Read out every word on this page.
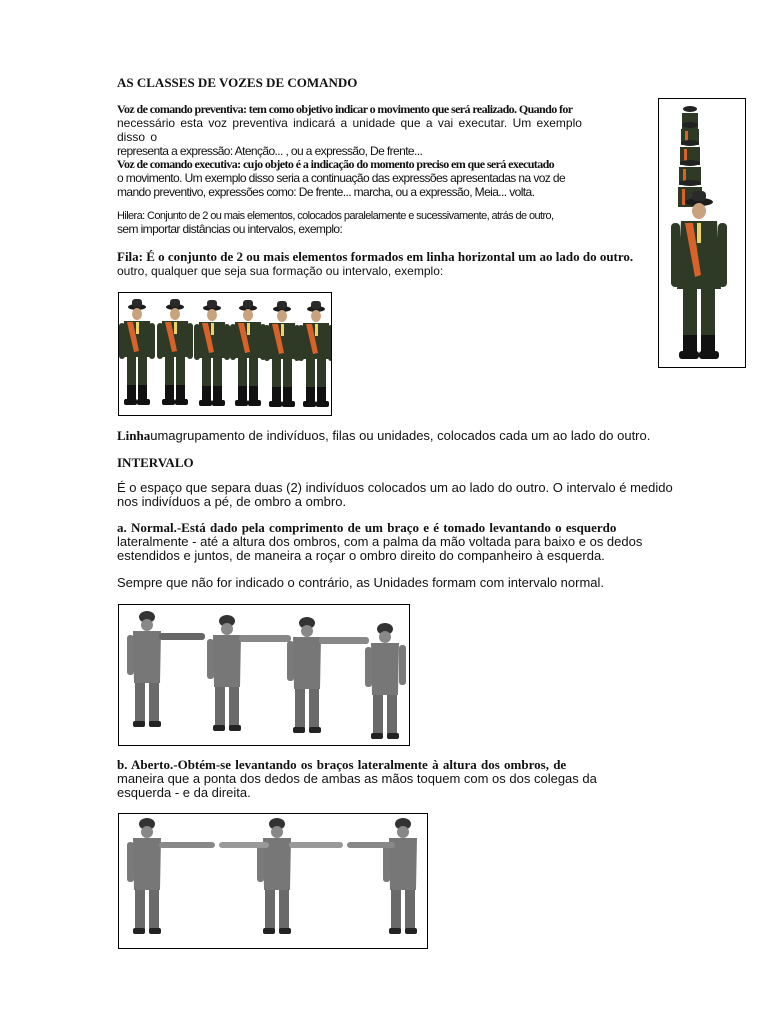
AS CLASSES DE VOZES DE COMANDO
Voz de comando preventiva: tem como objetivo indicar o movimento que será realizado. Quando for
necessário esta voz preventiva indicará a unidade que a vai executar. Um exemplo disso o
representa a expressão: Atenção... , ou a expressão, De frente...
Voz de comando executiva: cujo objeto é a indicação do momento preciso em que será executado
o movimento. Um exemplo disso seria a continuação das expressões apresentadas na voz de
mando preventivo, expressões como: De frente... marcha, ou a expressão, Meia... volta.
Hilera: Conjunto de 2 ou mais elementos, colocados paralelamente e sucessivamente, atrás de outro,
sem importar distâncias ou intervalos, exemplo:
Fila: É o conjunto de 2 ou mais elementos formados em linha horizontal um ao lado do outro.
outro, qualquer que seja sua formação ou intervalo, exemplo:
Linhaumagrupamento de indivíduos, filas ou unidades, colocados cada um ao lado do outro.
INTERVALO
É o espaço que separa duas (2) indivíduos colocados um ao lado do outro. O intervalo é medido
nos indivíduos a pé, de ombro a ombro.
a. Normal.-Está dado pela comprimento de um braço e é tomado levantando o esquerdo
lateralmente - até a altura dos ombros, com a palma da mão voltada para baixo e os dedos
estendidos e juntos, de maneira a roçar o ombro direito do companheiro à esquerda.
Sempre que não for indicado o contrário, as Unidades formam com intervalo normal.
b. Aberto.-Obtém-se levantando os braços lateralmente à altura dos ombros, de
maneira que a ponta dos dedos de ambas as mãos toquem com os dos colegas da
esquerda - e da direita.
